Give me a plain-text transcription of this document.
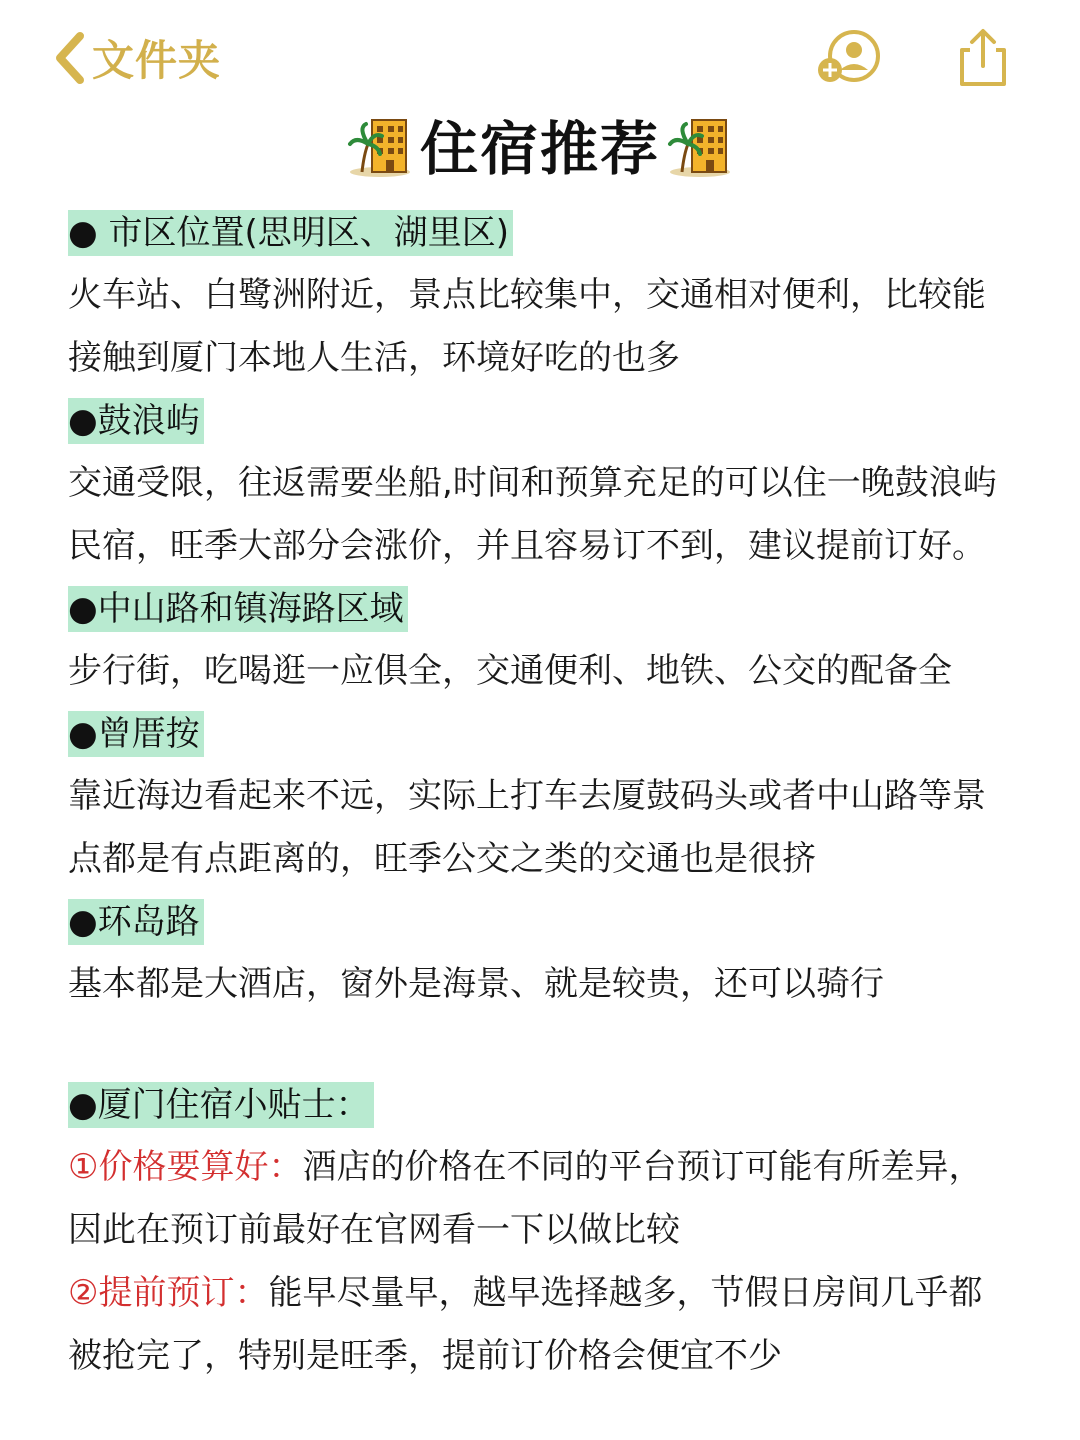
文件夹
住宿推荐
● 市区位置(思明区、湖里区)
火车站、白鹭洲附近，景点比较集中，交通相对便利，比较能
接触到厦门本地人生活，环境好吃的也多
●鼓浪屿
交通受限，往返需要坐船,时间和预算充足的可以住一晚鼓浪屿
民宿，旺季大部分会涨价，并且容易订不到，建议提前订好。
●中山路和镇海路区域
步行街，吃喝逛一应俱全，交通便利、地铁、公交的配备全
●曾厝按
靠近海边看起来不远，实际上打车去厦鼓码头或者中山路等景
点都是有点距离的，旺季公交之类的交通也是很挤
●环岛路
基本都是大酒店，窗外是海景、就是较贵，还可以骑行
●厦门住宿小贴士：
①价格要算好：酒店的价格在不同的平台预订可能有所差异，
因此在预订前最好在官网看一下以做比较
②提前预订：能早尽量早，越早选择越多，节假日房间几乎都
被抢完了，特别是旺季，提前订价格会便宜不少
